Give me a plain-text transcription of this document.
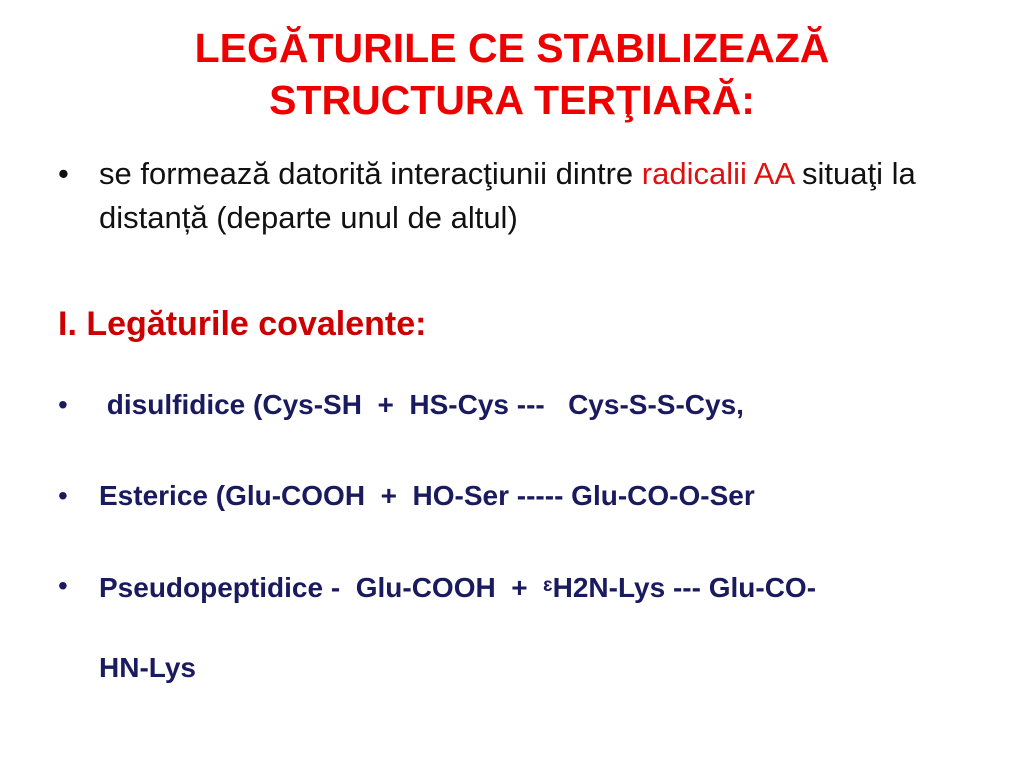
LEGĂTURILE CE STABILIZEAZĂ
STRUCTURA TERŢIARĂ:
• se formează datorită interacţiunii dintre radicalii AA situaţi la distanță (departe unul de altul)
I. Legăturile covalente:
• disulfidice (Cys-SH  +  HS-Cys ---   Cys-S-S-Cys,
• Esterice (Glu-COOH  +  HO-Ser ----- Glu-CO-O-Ser
• Pseudopeptidice -  Glu-COOH  +  $^ɛ$H2N-Lys --- Glu-CO-
HN-Lys
